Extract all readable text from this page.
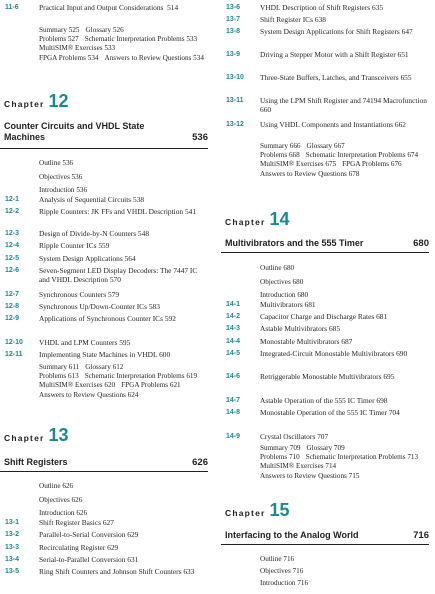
11-6	Practical Input and Output Considerations 514
Summary 525 Glossary 526
Problems 527 Schematic Interpretation Problems 533
MultiSIM® Exercises 533
FPGA Problems 534 Answers to Review Questions 534
Chapter 12
Counter Circuits and VHDL State Machines	536
Outline 536
Objectives 536
Introduction 536
12-1	Analysis of Sequential Circuits 538
12-2	Ripple Counters: JK FFs and VHDL Description 541
12-3	Design of Divide-by-N Counters 548
12-4	Ripple Counter ICs 559
12-5	System Design Applications 564
12-6	Seven-Segment LED Display Decoders: The 7447 IC and VHDL Description 570
12-7	Synchronous Counters 579
12-8	Synchronous Up/Down-Counter ICs 583
12-9	Applications of Synchronous Counter ICs 592
12-10 VHDL and LPM Counters 595
12-11 Implementing State Machines in VHDL 600
Summary 611 Glossary 612
Problems 613 Schematic Interpretation Problems 619
MultiSIM® Exercises 620 FPGA Problems 621
Answers to Review Questions 624
Chapter 13
Shift Registers	626
Outline 626
Objectives 626
Introduction 626
13-1	Shift Register Basics 627
13-2	Parallel-to-Serial Conversion 629
13-3	Recirculating Register 629
13-4	Serial-to-Parallel Conversion 631
13-5	Ring Shift Counters and Johnson Shift Counters 633
13-6	VHDL Description of Shift Registers 635
13-7	Shift Register ICs 638
13-8	System Design Applications for Shift Registers 647
13-9	Driving a Stepper Motor with a Shift Register 651
13-10 Three-State Buffers, Latches, and Transceivers 655
13-11 Using the LPM Shift Register and 74194 Macrofunction 660
13-12 Using VHDL Components and Instantiations 662
Summary 666 Glossary 667
Problems 668 Schematic Interpretation Problems 674
MultiSIM® Exercises 675 FPGA Problems 676
Answers to Review Questions 678
Chapter 14
Multivibrators and the 555 Timer	680
Outline 680
Objectives 680
Introduction 680
14-1	Multivibrators 681
14-2	Capacitor Charge and Discharge Rates 681
14-3	Astable Multivibrators 685
14-4	Monostable Multivibrators 687
14-5	Integrated-Circuit Monostable Multivibrators 690
14-6	Retriggerable Monostable Multivibrators 695
14-7	Astable Operation of the 555 IC Timer 698
14-8	Monostable Operation of the 555 IC Timer 704
14-9	Crystal Oscillators 707
Summary 709 Glossary 709
Problems 710 Schematic Interpretation Problems 713
MultiSIM® Exercises 714
Answers to Review Questions 715
Chapter 15
Interfacing to the Analog World	716
Outline 716
Objectives 716
Introduction 716
